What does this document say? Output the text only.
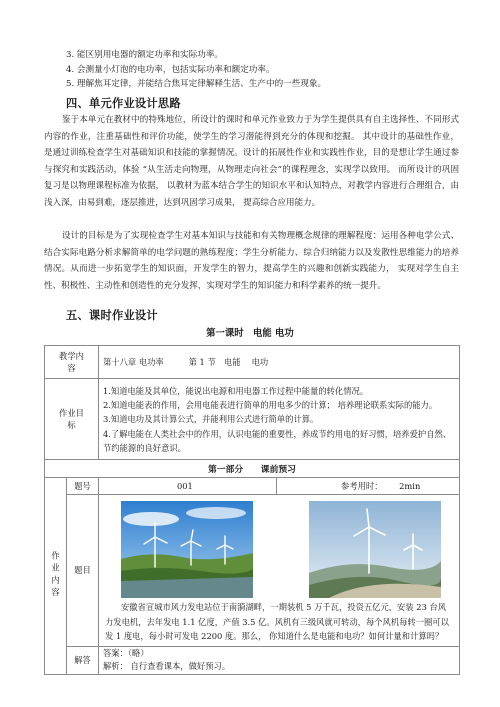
3. 能区别用电器的额定功率和实际功率。
4. 会测量小灯泡的电功率，包括实际功率和额定功率。
5. 理解焦耳定律，并能结合焦耳定律解释生活、生产中的一些现象。
四、单元作业设计思路
鉴于本单元在教材中的特殊地位，所设计的课时和单元作业致力于为学生提供具有自主选择性、不同形式内容的作业，注重基础性和评价功能，使学生的学习潜能得到充分的体现和挖掘。 其中设计的基础性作业， 是通过训练检查学生对基础知识和技能的掌握情况。设计的拓展性作业和实践性作业，目的是想让学生通过参与探究和实践活动，体验 “从生活走向物理，从物理走向社会”的课程理念，实现学以致用。 而所设计的巩固复习是以物理课程标准为依据， 以教材为蓝本结合学生的知识水平和认知特点，对教学内容进行合理组合，由浅入深，由易到难，逐层推进，达到巩固学习成果， 提高综合应用能力。
设计的目标是为了实现检查学生对基本知识与技能和有关物理概念规律的理解程度：运用各种电学公式、结合实际电路分析求解简单的电学问题的熟练程度；学生分析能力、综合归纳能力以及发散性思维能力的培养情况。从而进一步拓宽学生的知识面，开发学生的智力，提高学生的兴趣和创新实践能力， 实现对学生自主性、积极性、主动性和创造性的充分发挥，实现对学生的知识能力和科学素养的统一提升。
五、课时作业设计
第一课时　电能 电功
教学内容		第十八章 电功率　　　第 1 节　电能　 电功	

作业目标		1.知道电能及其单位，能说出电源和用电器工作过程中能量的转化情况。
2.知道电能表的作用，会用电能表进行简单的用电多少的计算； 培养理论联系实际的能力。
3.知道电功及其计算公式，并能利用公式进行简单的计算。
4.了解电能在人类社会中的作用，认识电能的重要性，养成节约用电的好习惯，培养爱护自然、节约能源的良好意识。	

第一部分　　课前预习			

作业内容	题号	001	参考用时： 2min
	题目	安徽省宣城市风力发电站位于南漪湖畔，一期装机 5 万千瓦，投资五亿元，安装 23 台风力发电机，去年发电 1.1 亿度，产值 3.5 亿。风机有三级风就可转动，每个风机每转一圈可以发 1 度电，每小时可发电 2200 度。那么， 你知道什么是电能和电功？如何计量和计算吗？	

	解答	答案：（略）
解析： 自行查看课本，做好预习。	
